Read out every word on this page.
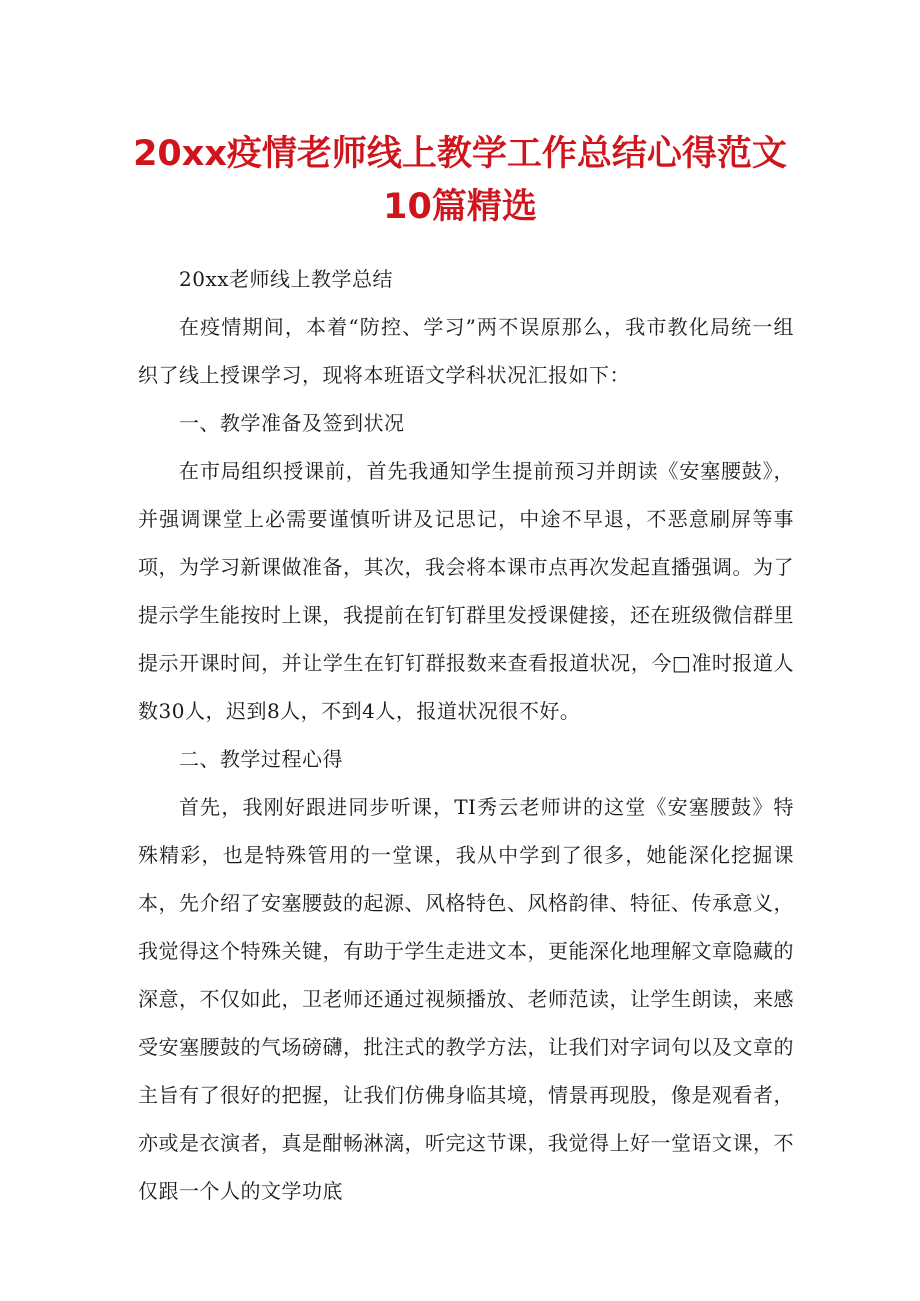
20xx疫情老师线上教学工作总结心得范文
10篇精选

20xx老师线上教学总结

在疫情期间，本着“防控、学习”两不误原那么，我市教化局统一组织了线上授课学习，现将本班语文学科状况汇报如下：

一、教学准备及签到状况

在市局组织授课前，首先我通知学生提前预习并朗读《安塞腰鼓》，并强调课堂上必需要谨慎听讲及记思记，中途不早退，不恶意刷屏等事项，为学习新课做准备，其次，我会将本课市点再次发起直播强调。为了提示学生能按时上课，我提前在钉钉群里发授课健接，还在班级微信群里提示开课时间，并让学生在钉钉群报数来查看报道状况，今□准时报道人数30人，迟到8人，不到4人，报道状况很不好。

二、教学过程心得

首先，我刚好跟进同步听课，TI秀云老师讲的这堂《安塞腰鼓》特殊精彩，也是特殊管用的一堂课，我从中学到了很多，她能深化挖掘课本，先介绍了安塞腰鼓的起源、风格特色、风格韵律、特征、传承意义，我觉得这个特殊关键，有助于学生走进文本，更能深化地理解文章隐藏的深意，不仅如此，卫老师还通过视频播放、老师范读，让学生朗读，来感受安塞腰鼓的气场磅礴，批注式的教学方法，让我们对字词句以及文章的主旨有了很好的把握，让我们仿佛身临其境，情景再现股，像是观看者，亦或是衣演者，真是酣畅淋漓，听完这节课，我觉得上好一堂语文课，不仅跟一个人的文学功底
